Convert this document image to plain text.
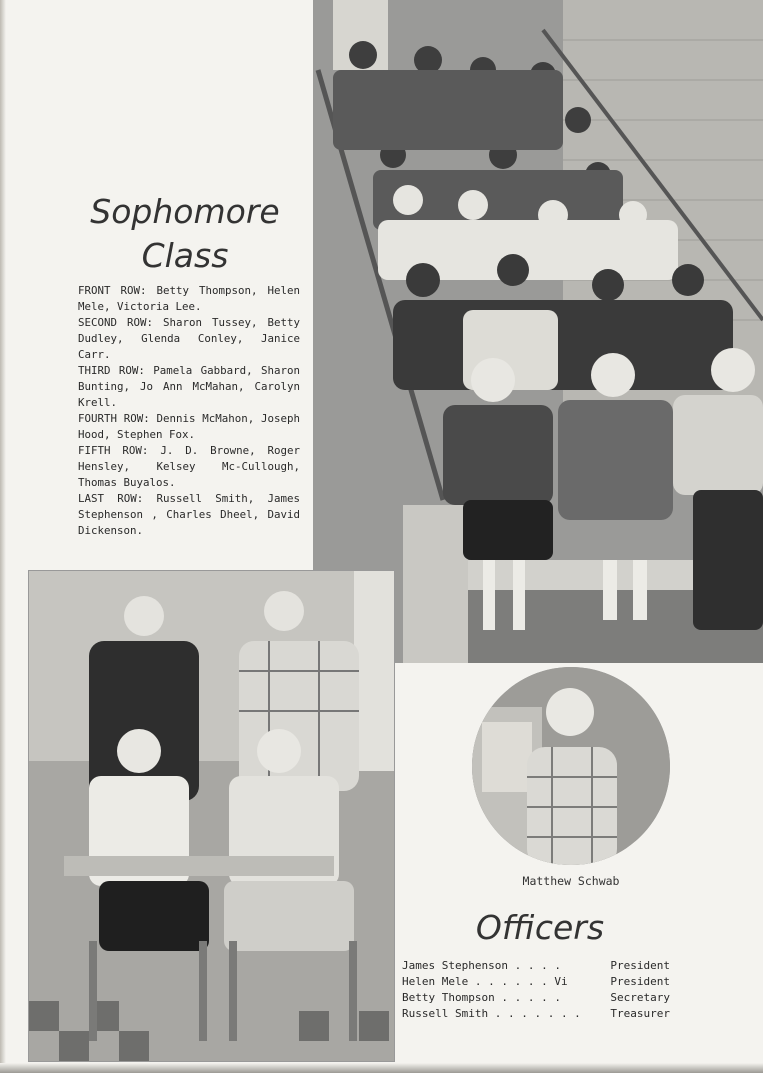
Sophomore
Class

FRONT ROW: Betty Thompson, Helen Mele, Victoria Lee.

SECOND ROW: Sharon Tussey, Betty Dudley, Glenda Conley, Janice Carr.

THIRD ROW: Pamela Gabbard, Sharon Bunting, Jo Ann McMahan, Carolyn Krell.

FOURTH ROW: Dennis McMahon, Joseph Hood, Stephen Fox.

FIFTH ROW: J. D. Browne, Roger Hensley, Kelsey Mc-Cullough, Thomas Buyalos.

LAST ROW: Russell Smith, James Stephenson , Charles Dheel, David Dickenson.

Matthew Schwab
Officers
James Stephenson . . . .	President
Helen Mele . . . . . . Vi	President
Betty Thompson . . . . .	Secretary
Russell Smith . . . . . . .	Treasurer
